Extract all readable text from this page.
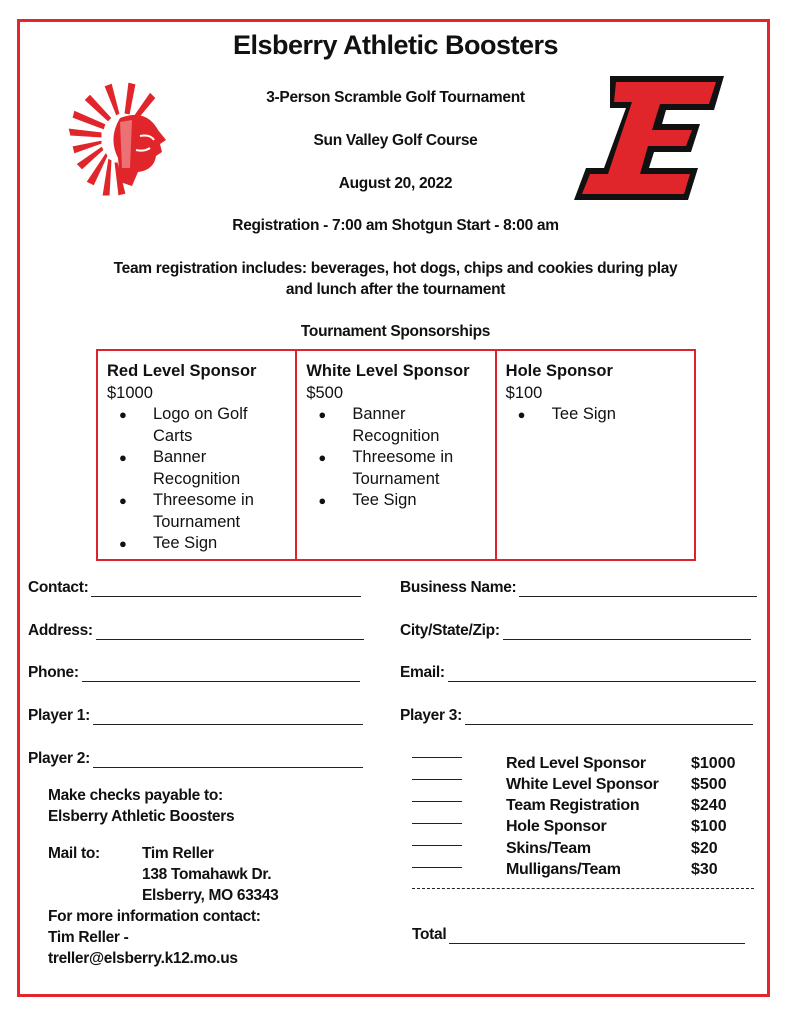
Elsberry Athletic Boosters
3-Person Scramble Golf Tournament
Sun Valley Golf Course
August 20, 2022
Registration - 7:00 am Shotgun Start - 8:00 am
Team registration includes: beverages, hot dogs, chips and cookies during play
and lunch after the tournament
Tournament Sponsorships
Red Level Sponsor
$1000
● Logo on Golf Carts
● Banner Recognition
● Threesome in Tournament
● Tee Sign
White Level Sponsor
$500
● Banner Recognition
● Threesome in Tournament
● Tee Sign
Hole Sponsor
$100
● Tee Sign
Contact:	Business Name:
Address:	City/State/Zip:
Phone:	Email:
Player 1:	Player 3:
Player 2:
Make checks payable to:
Elsberry Athletic Boosters
Mail to:	Tim Reller
138 Tomahawk Dr.
Elsberry, MO 63343
For more information contact:
Tim Reller -
treller@elsberry.k12.mo.us
Red Level Sponsor	$1000
White Level Sponsor $500
Team Registration	$240
Hole Sponsor	$100
Skins/Team	$20
Mulligans/Team	$30
Total
